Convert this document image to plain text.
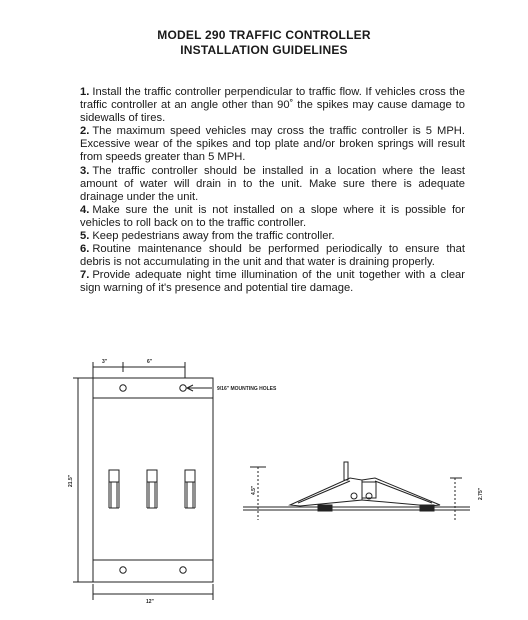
MODEL 290 TRAFFIC CONTROLLER
INSTALLATION GUIDELINES

1. Install the traffic controller perpendicular to traffic flow. If vehicles cross the traffic controller at an angle other than 90˚ the spikes may cause damage to sidewalls of tires.

2. The maximum speed vehicles may cross the traffic controller is 5 MPH. Excessive wear of the spikes and top plate and/or broken springs will result from speeds greater than 5 MPH.

3. The traffic controller should be installed in a location where the least amount of water will drain in to the unit. Make sure there is adequate drainage under the unit.

4. Make sure the unit is not installed on a slope where it is possible for vehicles to roll back on to the traffic controller.

5. Keep pedestrians away from the traffic controller.

6. Routine maintenance should be performed periodically to ensure that debris is not accumulating in the unit and that water is draining properly.

7. Provide adequate night time illumination of the unit together with a clear sign warning of it's presence and potential tire damage.

3"	6"
9/16" MOUNTING HOLES
21.5"
12"
4.5"	2.75"
